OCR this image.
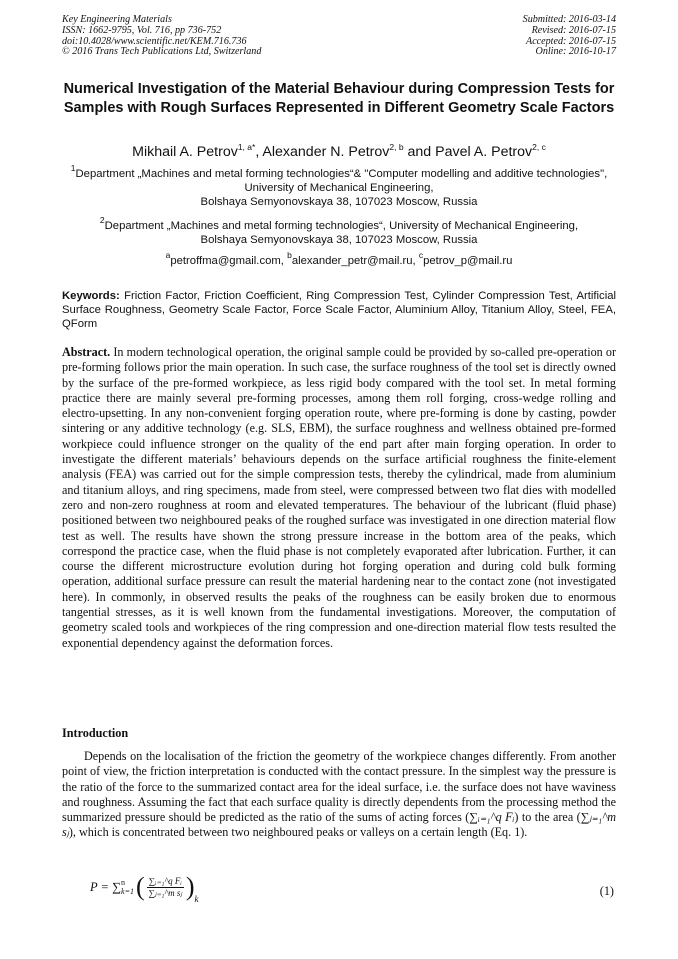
Key Engineering Materials
ISSN: 1662-9795, Vol. 716, pp 736-752
doi:10.4028/www.scientific.net/KEM.716.736
© 2016 Trans Tech Publications Ltd, Switzerland
Submitted: 2016-03-14
Revised: 2016-07-15
Accepted: 2016-07-15
Online: 2016-10-17
Numerical Investigation of the Material Behaviour during Compression Tests for Samples with Rough Surfaces Represented in Different Geometry Scale Factors
Mikhail A. Petrov$^{1, a*}$, Alexander N. Petrov$^{2, b}$ and Pavel A. Petrov$^{2, c}$
$^1$Department „Machines and metal forming technologies“& "Computer modelling and additive technologies", University of Mechanical Engineering,
Bolshaya Semyonovskaya 38, 107023 Moscow, Russia
$^2$Department „Machines and metal forming technologies“, University of Mechanical Engineering,
Bolshaya Semyonovskaya 38, 107023 Moscow, Russia
$^a$petroffma@gmail.com, $^b$alexander_petr@mail.ru, $^c$petrov_p@mail.ru
Keywords: Friction Factor, Friction Coefficient, Ring Compression Test, Cylinder Compression Test, Artificial Surface Roughness, Geometry Scale Factor, Force Scale Factor, Aluminium Alloy, Titanium Alloy, Steel, FEA, QForm
Abstract. In modern technological operation, the original sample could be provided by so-called pre-operation or pre-forming follows prior the main operation. In such case, the surface roughness of the tool set is directly owned by the surface of the pre-formed workpiece, as less rigid body compared with the tool set. In metal forming practice there are mainly several pre-forming processes, among them roll forging, cross-wedge rolling and electro-upsetting. In any non-convenient forging operation route, where pre-forming is done by casting, powder sintering or any additive technology (e.g. SLS, EBM), the surface roughness and wellness obtained pre-formed workpiece could influence stronger on the quality of the end part after main forging operation. In order to investigate the different materials’ behaviours depends on the surface artificial roughness the finite-element analysis (FEA) was carried out for the simple compression tests, thereby the cylindrical, made from aluminium and titanium alloys, and ring specimens, made from steel, were compressed between two flat dies with modelled zero and non-zero roughness at room and elevated temperatures. The behaviour of the lubricant (fluid phase) positioned between two neighboured peaks of the roughed surface was investigated in one direction material flow test as well. The results have shown the strong pressure increase in the bottom area of the peaks, which correspond the practice case, when the fluid phase is not completely evaporated after lubrication. Further, it can course the different microstructure evolution during hot forging operation and during cold bulk forming operation, additional surface pressure can result the material hardening near to the contact zone (not investigated here). In commonly, in observed results the peaks of the roughness can be easily broken due to enormous tangential stresses, as it is well known from the fundamental investigations. Moreover, the computation of geometry scaled tools and workpieces of the ring compression and one-direction material flow tests resulted the exponential dependency against the deformation forces.
Introduction
Depends on the localisation of the friction the geometry of the workpiece changes differently. From another point of view, the friction interpretation is conducted with the contact pressure. In the simplest way the pressure is the ratio of the force to the summarized contact area for the ideal surface, i.e. the surface does not have waviness and roughness. Assuming the fact that each surface quality is directly dependents from the processing method the summarized pressure should be predicted as the ratio of the sums of acting forces (∑ᵢ₌₁^q Fᵢ) to the area (∑ⱼ₌₁^m sⱼ), which is concentrated between two neighboured peaks or valleys on a certain length (Eq. 1).
P = ∑ n
k=1 ( $\frac{\text{∑ᵢ₌₁\textasciicircum{}q Fᵢ}}{\text{∑ⱼ₌₁\textasciicircum{}m sⱼ}}$ ) k
(1)
